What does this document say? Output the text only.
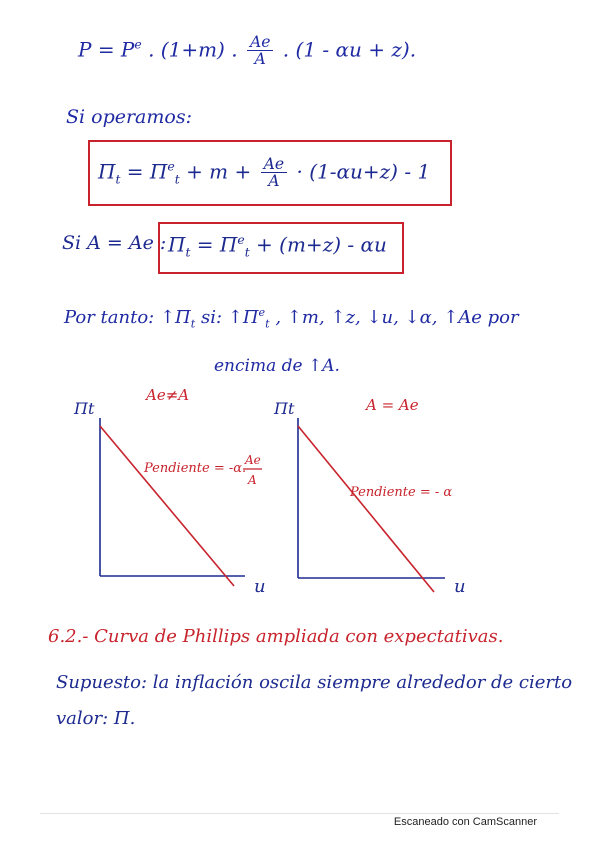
$P = P^e$ . (1+m) . $\frac{Ae}{A}$ . (1 - αu + z).
Si operamos:
$\Pi_t = \Pi^e_t + m + \frac{Ae}{A} \cdot (1-\alpha u+z) - 1$
Si A = Ae : $\Pi_t = \Pi^e_t + (m+z) - \alpha u$
Por tanto: $↑\Pi_t$ si: $↑\Pi^e_t$ , ↑m, ↑z, ↓u, ↓α, ↑Ae por
encima de ↑A.
Πt
Ae≠A
u
Pendiente = -α.
Ae
A
Πt	A = Ae
u
Pendiente = - α
6.2.- Curva de Phillips ampliada con expectativas.
Supuesto: la inflación oscila siempre alrededor de cierto
valor: Π.
Escaneado con CamScanner
